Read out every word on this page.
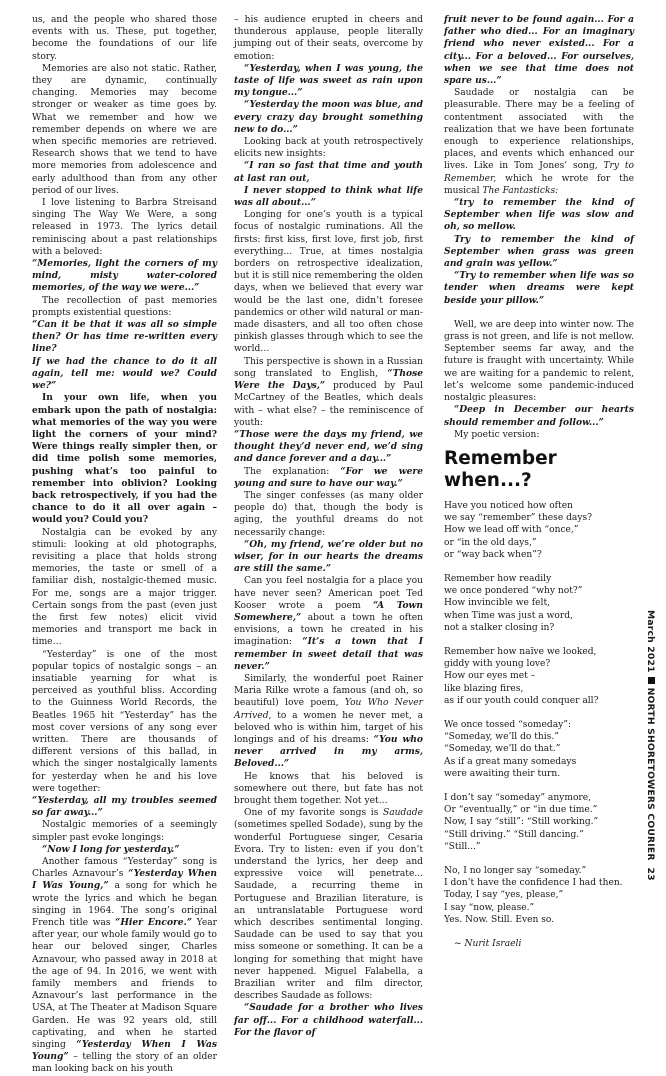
us, and the people who shared those events with us. These, put together, become the foundations of our life story.

Memories are also not static. Rather, they are dynamic, continually changing. Memories may become stronger or weaker as time goes by. What we remember and how we remember depends on where we are when specific memories are retrieved. Research shows that we tend to have more memories from adolescence and early adulthood than from any other period of our lives.

I love listening to Barbra Streisand singing The Way We Were, a song released in 1973. The lyrics detail reminiscing about a past relationships with a beloved:

“Memories, light the corners of my mind, misty water-colored memories, of the way we were...”

The recollection of past memories prompts existential questions:

“Can it be that it was all so simple then? Or has time re-written every line?

If we had the chance to do it all again, tell me: would we? Could we?”

In your own life, when you embark upon the path of nostalgia: what memories of the way you were light the corners of your mind? Were things really simpler then, or did time polish some memories, pushing what’s too painful to remember into oblivion? Looking back retrospectively, if you had the chance to do it all over again – would you? Could you?

Nostalgia can be evoked by any stimuli: looking at old photographs, revisiting a place that holds strong memories, the taste or smell of a familiar dish, nostalgic-themed music. For me, songs are a major trigger. Certain songs from the past (even just the first few notes) elicit vivid memories and transport me back in time…

“Yesterday” is one of the most popular topics of nostalgic songs – an insatiable yearning for what is perceived as youthful bliss. According to the Guinness World Records, the Beatles 1965 hit “Yesterday” has the most cover versions of any song ever written. There are thousands of different versions of this ballad, in which the singer nostalgically laments for yesterday when he and his love were together:

“Yesterday, all my troubles seemed so far away...”

Nostalgic memories of a seemingly simpler past evoke longings:

“Now I long for yesterday.”

Another famous “Yesterday” song is Charles Aznavour’s “Yesterday When I Was Young,” a song for which he wrote the lyrics and which he began singing in 1964. The song’s original French title was “Hier Encore.” Year after year, our whole family would go to hear our beloved singer, Charles Aznavour, who passed away in 2018 at the age of 94. In 2016, we went with family members and friends to Aznavour’s last performance in the USA, at The Theater at Madison Square Garden. He was 92 years old, still captivating, and when he started singing “Yesterday When I Was Young” – telling the story of an older man looking back on his youth

– his audience erupted in cheers and thunderous applause, people literally jumping out of their seats, overcome by emotion:

“Yesterday, when I was young, the taste of life was sweet as rain upon my tongue...”

“Yesterday the moon was blue, and every crazy day brought something new to do...”

Looking back at youth retrospectively elicits new insights:

“I ran so fast that time and youth at last ran out,

I never stopped to think what life was all about...”

Longing for one’s youth is a typical focus of nostalgic ruminations. All the firsts: first kiss, first love, first job, first everything... True, at times nostalgia borders on retrospective idealization, but it is still nice remembering the olden days, when we believed that every war would be the last one, didn’t foresee pandemics or other wild natural or man-made disasters, and all too often chose pinkish glasses through which to see the world…

This perspective is shown in a Russian song translated to English, “Those Were the Days,” produced by Paul McCartney of the Beatles, which deals with – what else? – the reminiscence of youth:

“Those were the days my friend, we thought they’d never end, we’d sing and dance forever and a day...”

The explanation: “For we were young and sure to have our way.”

The singer confesses (as many older people do) that, though the body is aging, the youthful dreams do not necessarily change:

“Oh, my friend, we’re older but no wiser, for in our hearts the dreams are still the same.”

Can you feel nostalgia for a place you have never seen? American poet Ted Kooser wrote a poem “A Town Somewhere,” about a town he often envisions, a town he created in his imagination: “It’s a town that I remember in sweet detail that was never.”

Similarly, the wonderful poet Rainer Maria Rilke wrote a famous (and oh, so beautiful) love poem, You Who Never Arrived, to a women he never met, a beloved who is within him, target of his longings and of his dreams: “You who never arrived in my arms, Beloved...”

He knows that his beloved is somewhere out there, but fate has not brought them together. Not yet…

One of my favorite songs is Saudade (sometimes spelled Sodade), sung by the wonderful Portuguese singer, Cesaria Evora. Try to listen: even if you don’t understand the lyrics, her deep and expressive voice will penetrate... Saudade, a recurring theme in Portuguese and Brazilian literature, is an untranslatable Portuguese word which describes sentimental longing. Saudade can be used to say that you miss someone or something. It can be a longing for something that might have never happened. Miguel Falabella, a Brazilian writer and film director, describes Saudade as follows:

“Saudade for a brother who lives far off... For a childhood waterfall... For the flavor of

fruit never to be found again... For a father who died... For an imaginary friend who never existed... For a city... For a beloved... For ourselves, when we see that time does not spare us...”

Saudade or nostalgia can be pleasurable. There may be a feeling of contentment associated with the realization that we have been fortunate enough to experience relationships, places, and events which enhanced our lives. Like in Tom Jones’ song, Try to Remember, which he wrote for the musical The Fantasticks:

“try to remember the kind of September when life was slow and oh, so mellow.

Try to remember the kind of September when grass was green and grain was yellow.”

“Try to remember when life was so tender when dreams were kept beside your pillow.”

Well, we are deep into winter now. The grass is not green, and life is not mellow. September seems far away, and the future is fraught with uncertainty. While we are waiting for a pandemic to relent, let’s welcome some pandemic-induced nostalgic pleasures:

“Deep in December our hearts should remember and follow...”

My poetic version:

Remember when...?
Have you noticed how often
we say “remember” these days?
How we lead off with “once,”
or “in the old days,”
or “way back when”?
Remember how readily
we once pondered “why not?”
How invincible we felt,
when Time was just a word,
not a stalker closing in?
Remember how naïve we looked,
giddy with young love?
How our eyes met –
like blazing fires,
as if our youth could conquer all?
We once tossed “someday”:
“Someday, we’ll do this.”
“Someday, we’ll do that.”
As if a great many somedays
were awaiting their turn.
I don’t say “someday” anymore,
Or “eventually,” or “in due time.”
Now, I say “still”: “Still working.”
“Still driving.” “Still dancing.”
“Still...”
No, I no longer say “someday.”
I don’t have the confidence I had then.
Today, I say “yes, please,”
I say “now, please.”
Yes. Now. Still. Even so.

~ Nurit Israeli

March 2021NORTH SHORETOWERS COURIER  23
